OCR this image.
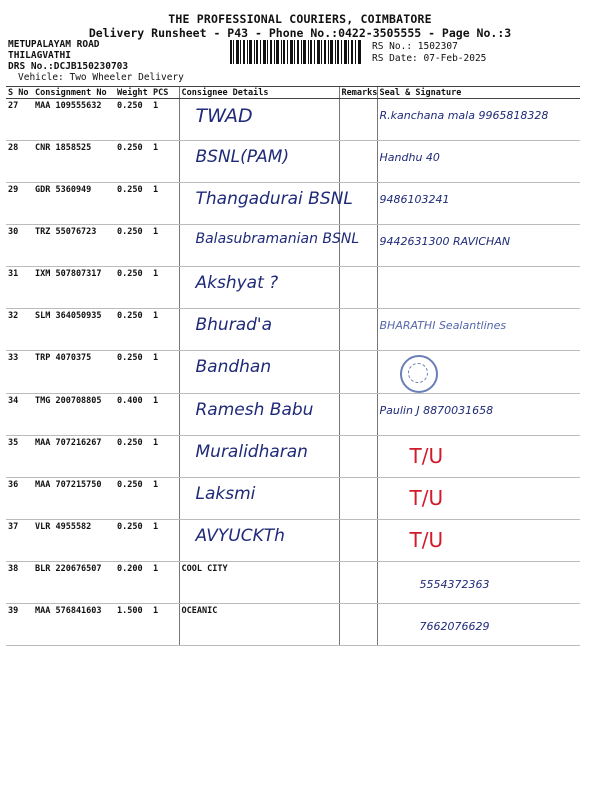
THE PROFESSIONAL COURIERS, COIMBATORE
Delivery Runsheet - P43 - Phone No.:0422-3505555 - Page No.:3
METUPALAYAM ROAD
THILAGVATHI
DRS No.:DCJB150230703
Vehicle: Two Wheeler Delivery
RS No.: 1502307
RS Date: 07-Feb-2025
S No	Consignment No	Weight	PCS	Consignee Details	Remarks	Seal & Signature
27	MAA 109555632	0.250	1	TWAD		R.kanchana mala 9965818328

28	CNR 1858525	0.250	1	BSNL(PAM)		Handhu 40

29	GDR 5360949	0.250	1	Thangadurai BSNL		9486103241

30	TRZ 55076723	0.250	1	Balasubramanian BSNL		9442631300 RAVICHAN

31	IXM 507807317	0.250	1	Akshyat ?		

32	SLM 364050935	0.250	1	Bhurad'a		BHARATHI Sealantlines

33	TRP 4070375	0.250	1	Bandhan		

34	TMG 200708805	0.400	1	Ramesh Babu		Paulin J 8870031658

35	MAA 707216267	0.250	1	Muralidharan		T/U

36	MAA 707215750	0.250	1	Laksmi		T/U

37	VLR 4955582	0.250	1	AVYUCKTh		T/U

38	BLR 220676507	0.200	1	COOL CITY		5554372363

39	MAA 576841603	1.500	1	OCEANIC		7662076629
